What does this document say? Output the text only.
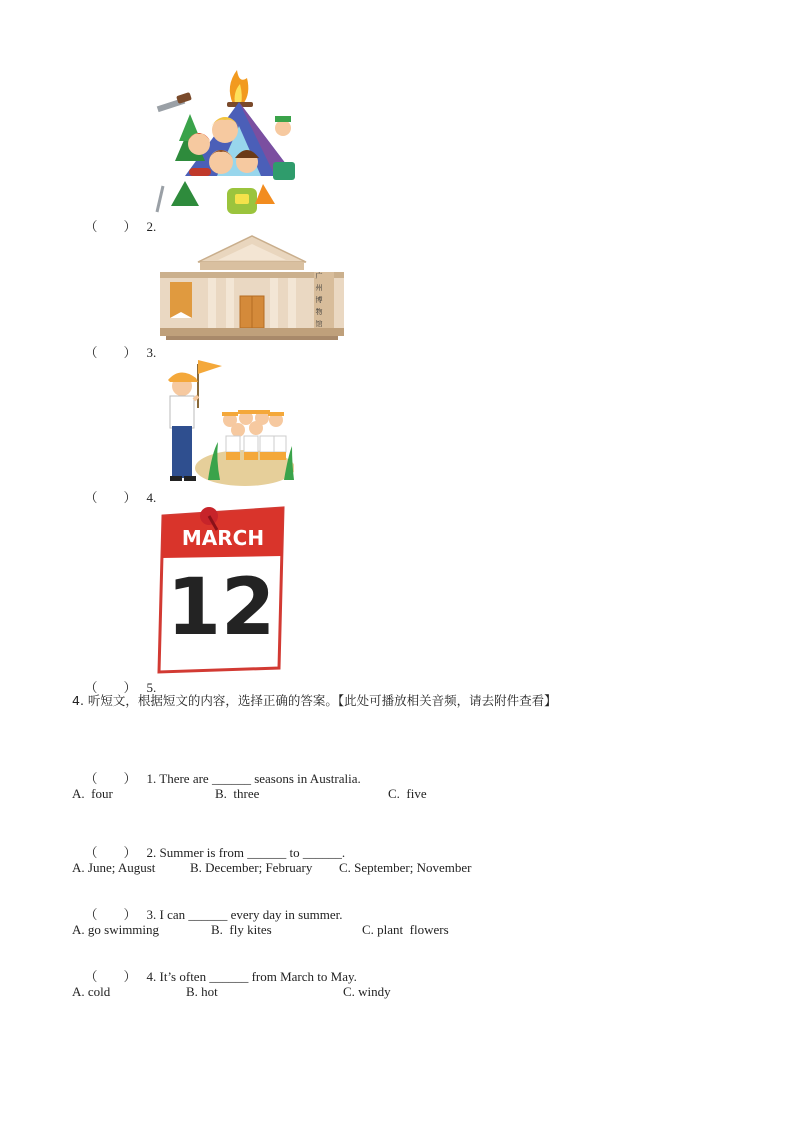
（　　） 2.

广
州
博
物
馆

（　　） 3.

（　　） 4.

MARCH
12

（　　） 5.

4. 听短文，根据短文的内容，选择正确的答案。【此处可播放相关音频，请去附件查看】

（　　） 1. There are ______ seasons in Australia.

A.  four	B.  three	C.  five

（　　） 2. Summer is from ______ to ______.

A. June; August	B. December; February C. September; November

（　　） 3. I can ______ every day in summer.

A. go swimming	B.  fly kites	C. plant  flowers

（　　） 4. It’s often ______ from March to May.

A. cold	B. hot	C. windy
